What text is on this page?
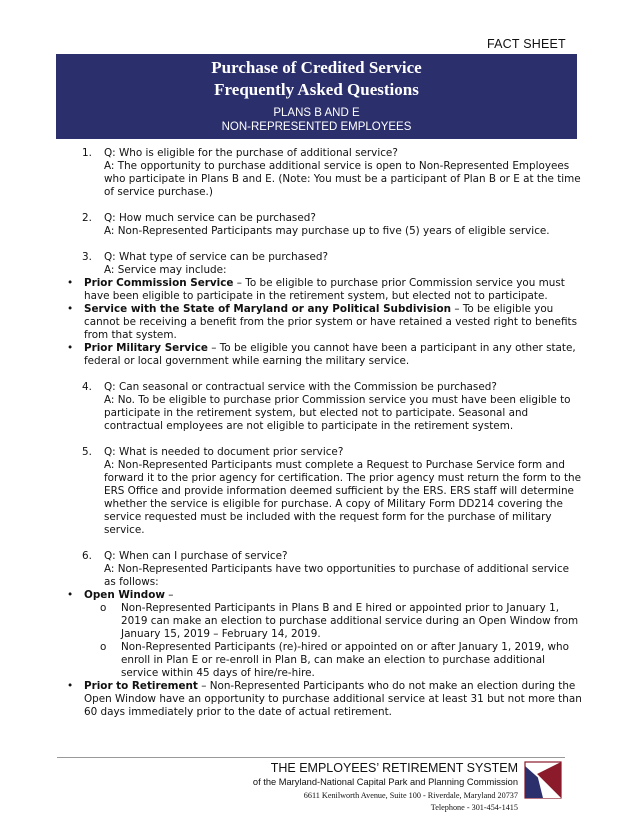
FACT SHEET
Purchase of Credited Service
Frequently Asked Questions
PLANS B AND E
NON-REPRESENTED EMPLOYEES
1. Q: Who is eligible for the purchase of additional service?
A: The opportunity to purchase additional service is open to Non-Represented Employees who participate in Plans B and E. (Note: You must be a participant of Plan B or E at the time of service purchase.)
2. Q: How much service can be purchased?
A: Non-Represented Participants may purchase up to five (5) years of eligible service.
3. Q: What type of service can be purchased?
A: Service may include:
• Prior Commission Service – To be eligible to purchase prior Commission service you must have been eligible to participate in the retirement system, but elected not to participate.
• Service with the State of Maryland or any Political Subdivision – To be eligible you cannot be receiving a benefit from the prior system or have retained a vested right to benefits from that system.
• Prior Military Service – To be eligible you cannot have been a participant in any other state, federal or local government while earning the military service.
4. Q: Can seasonal or contractual service with the Commission be purchased?
A: No. To be eligible to purchase prior Commission service you must have been eligible to participate in the retirement system, but elected not to participate. Seasonal and contractual employees are not eligible to participate in the retirement system.
5. Q: What is needed to document prior service?
A: Non-Represented Participants must complete a Request to Purchase Service form and forward it to the prior agency for certification. The prior agency must return the form to the ERS Office and provide information deemed sufficient by the ERS. ERS staff will determine whether the service is eligible for purchase. A copy of Military Form DD214 covering the service requested must be included with the request form for the purchase of military service.
6. Q: When can I purchase of service?
A: Non-Represented Participants have two opportunities to purchase of additional service as follows:
• Open Window –
o Non-Represented Participants in Plans B and E hired or appointed prior to January 1, 2019 can make an election to purchase additional service during an Open Window from January 15, 2019 – February 14, 2019.
o Non-Represented Participants (re)-hired or appointed on or after January 1, 2019, who enroll in Plan E or re-enroll in Plan B, can make an election to purchase additional service within 45 days of hire/re-hire.
• Prior to Retirement – Non-Represented Participants who do not make an election during the Open Window have an opportunity to purchase additional service at least 31 but not more than 60 days immediately prior to the date of actual retirement.
THE EMPLOYEES’ RETIREMENT SYSTEM
of the Maryland-National Capital Park and Planning Commission
6611 Kenilworth Avenue, Suite 100 - Riverdale, Maryland 20737
Telephone - 301-454-1415
